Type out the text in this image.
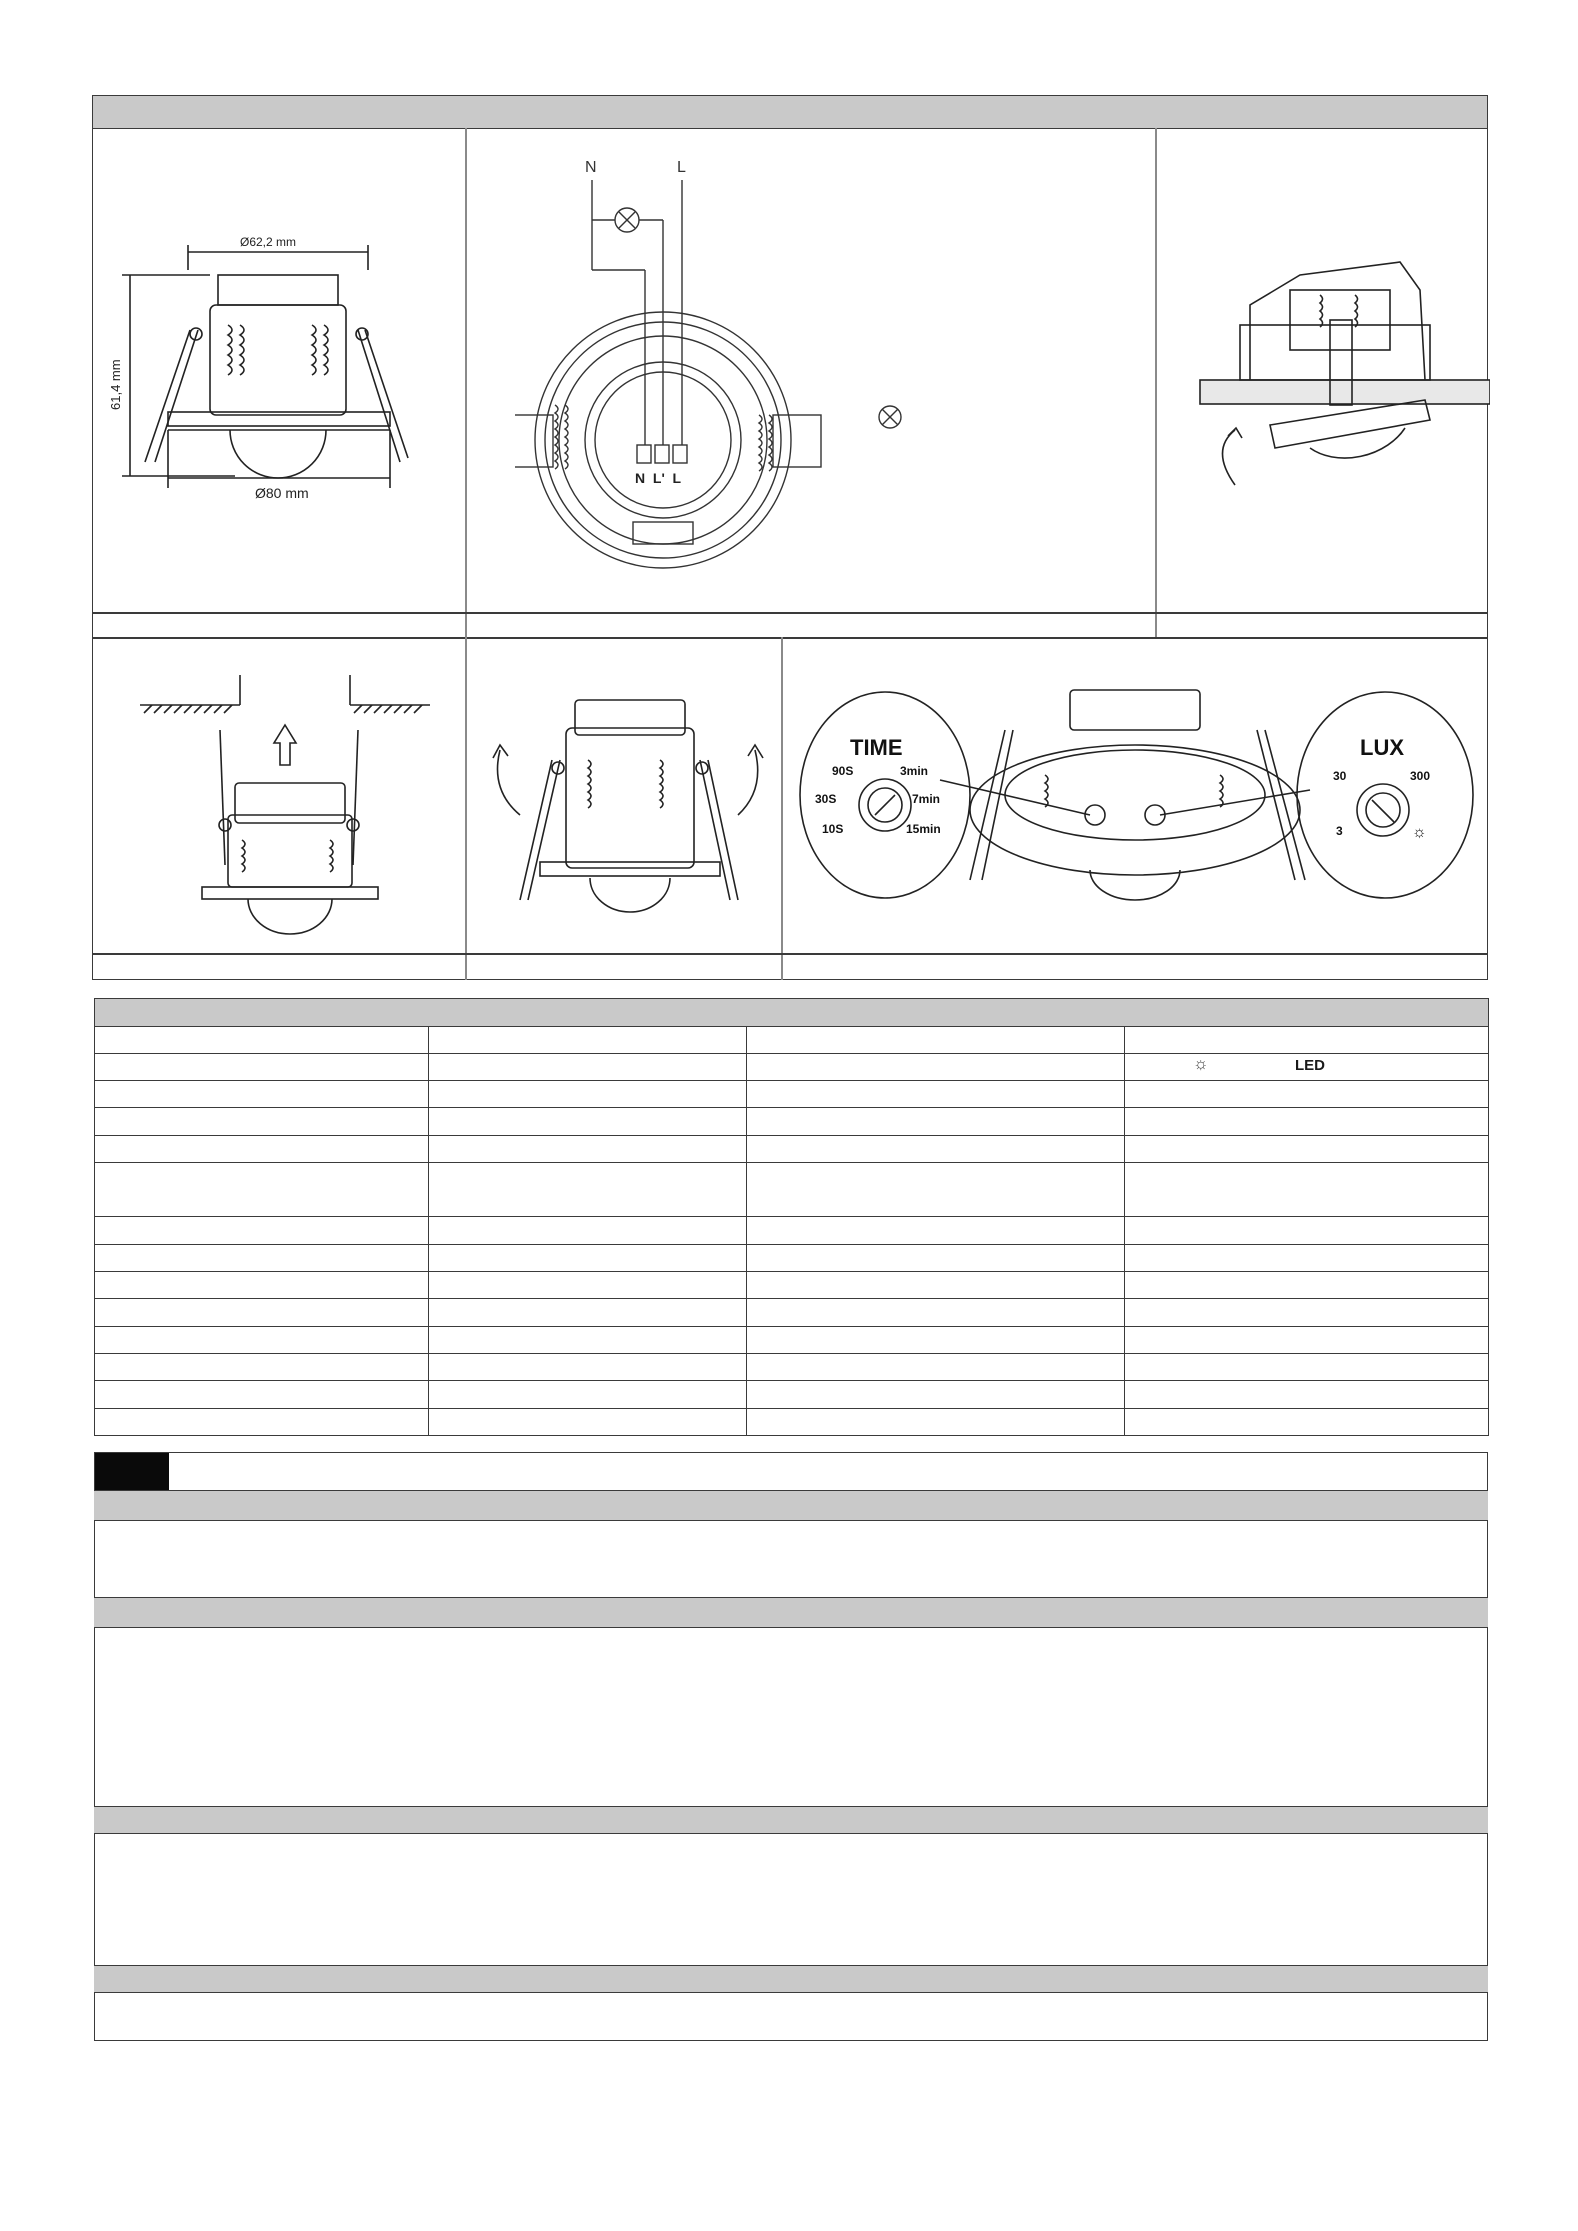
Ø62,2 mm
61,4 mm
Ø80 mm
N	L
N  L'  L
TIME
90S	3min
30S	7min
10S	15min
LUX
30	300
3	☼

			☼ LED
